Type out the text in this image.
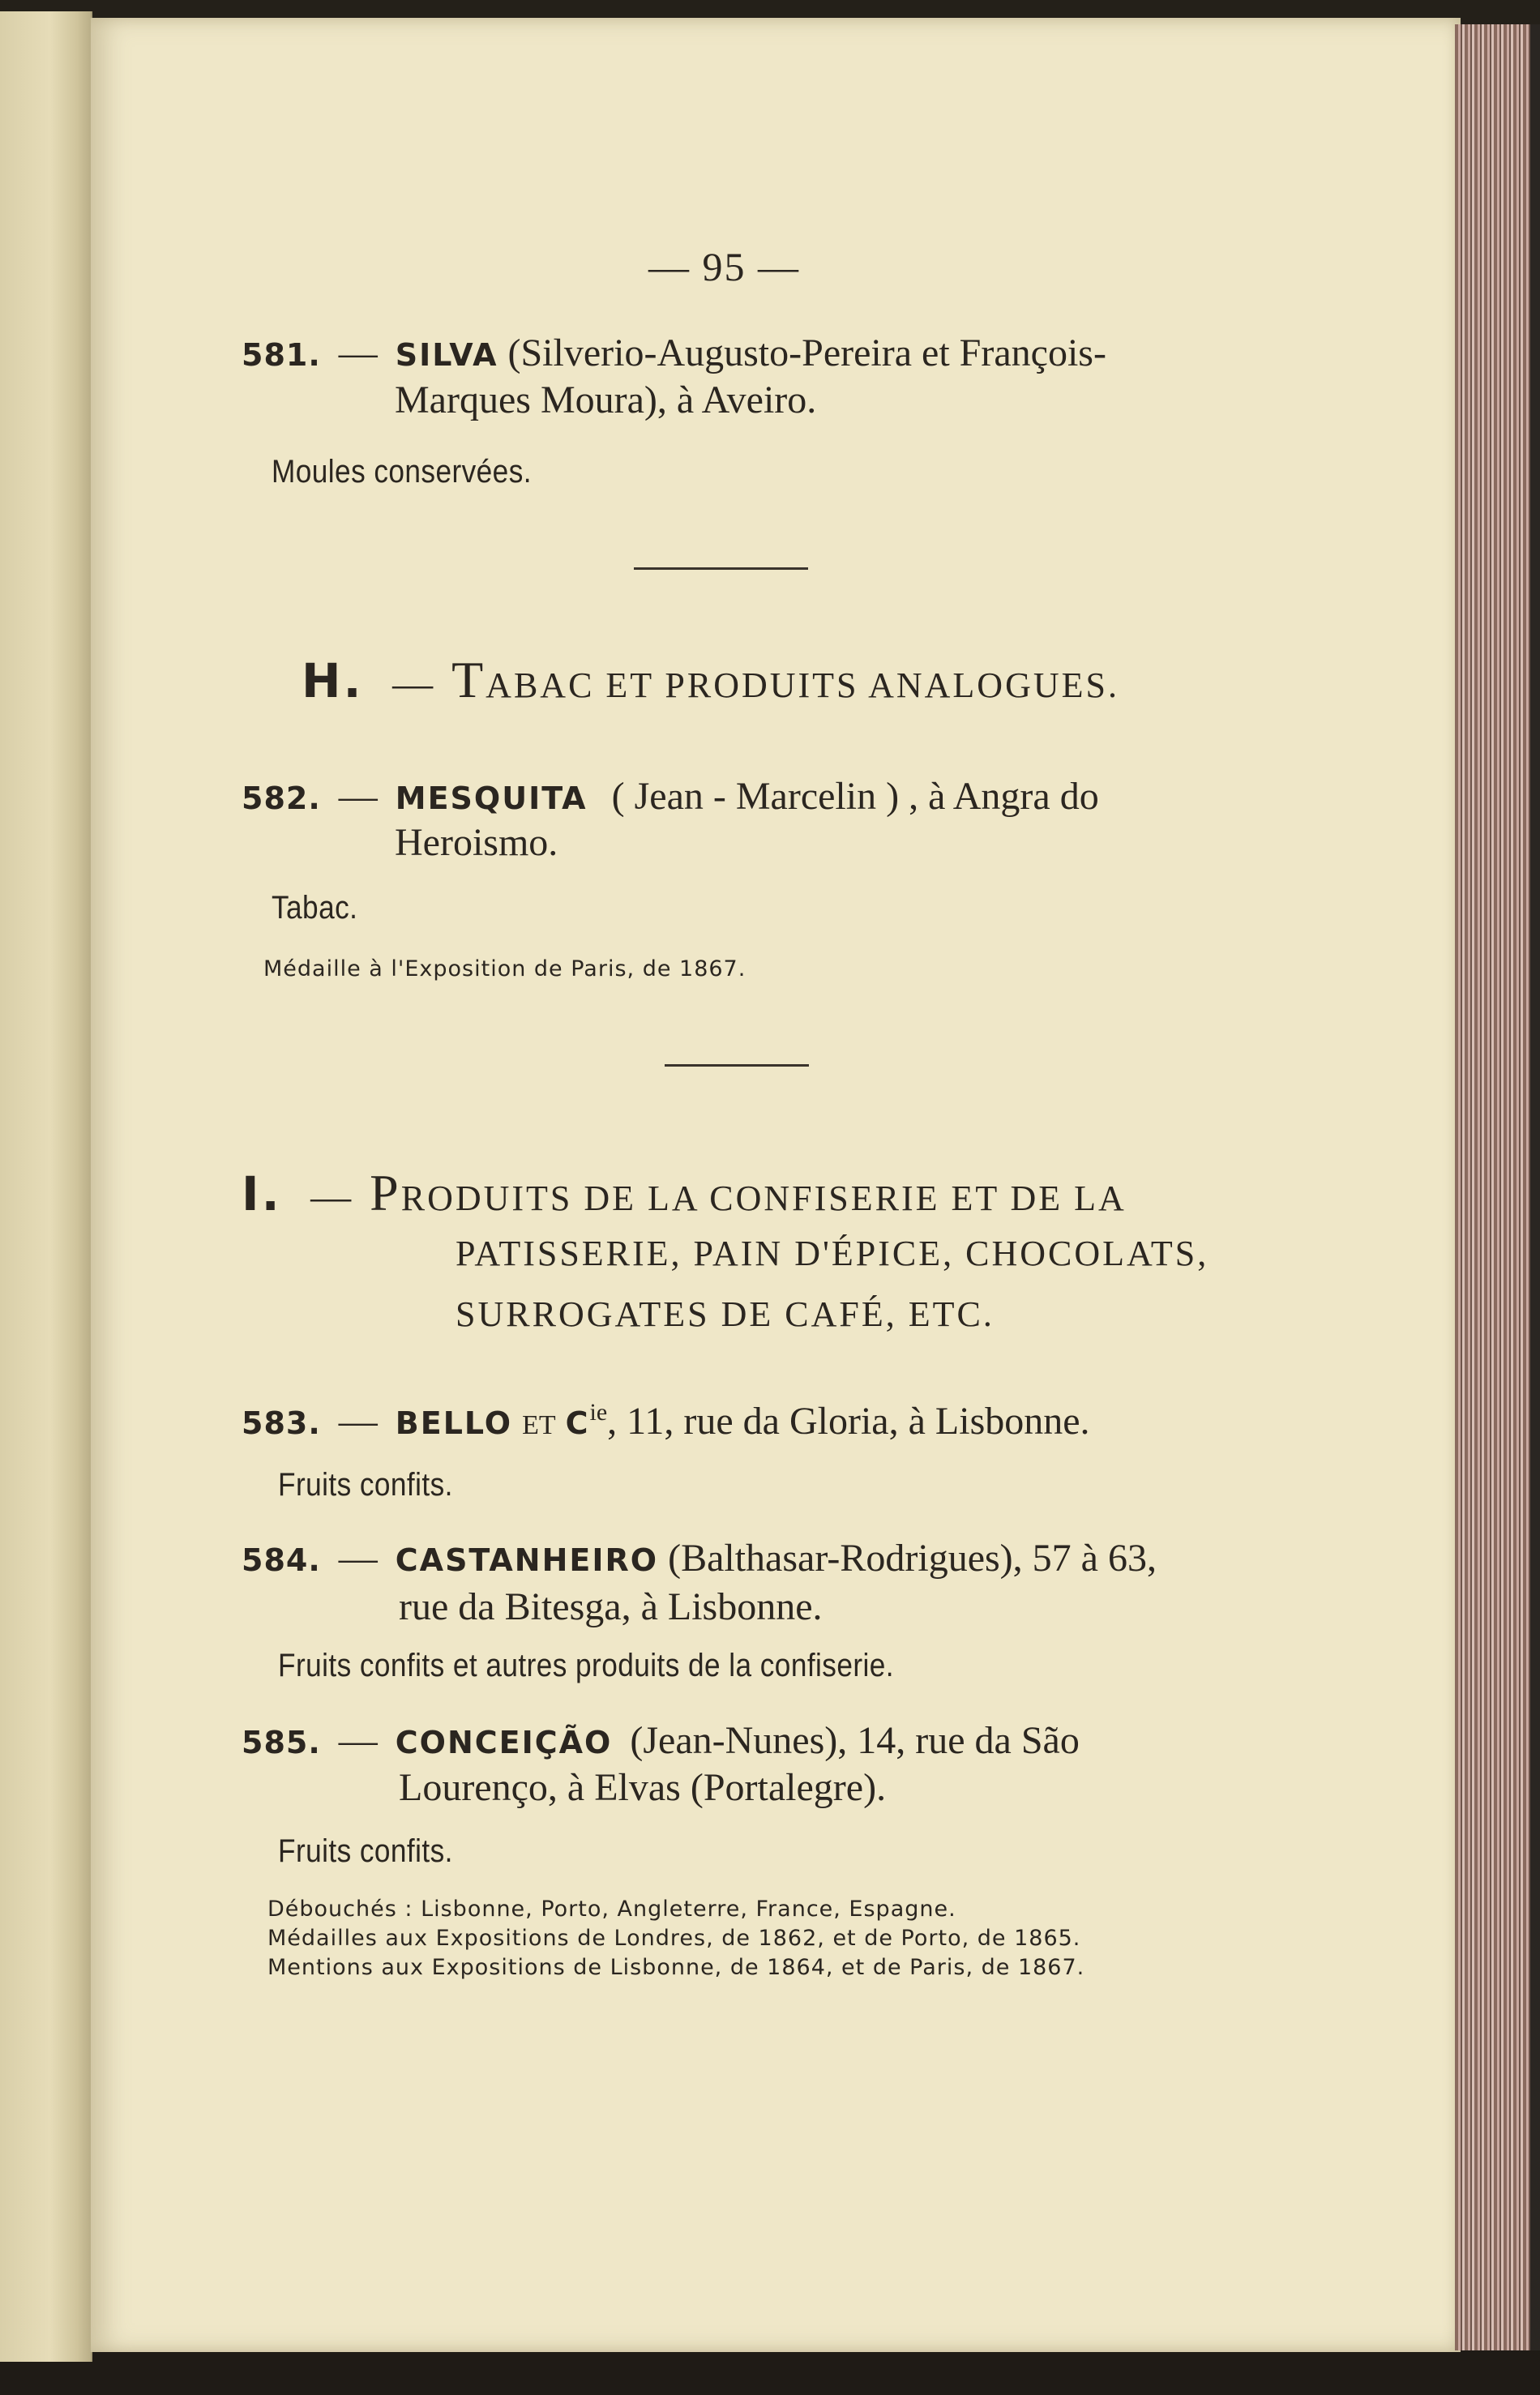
— 95 —
581. — SILVA (Silverio-Augusto-Pereira et François-
Marques Moura), à Aveiro.
Moules conservées.
H. — TABAC ET PRODUITS ANALOGUES.
582. — MESQUITA ( Jean - Marcelin ) , à Angra do
Heroismo.
Tabac.
Médaille à l'Exposition de Paris, de 1867.
I. — PRODUITS DE LA CONFISERIE ET DE LA
PATISSERIE, PAIN D'ÉPICE, CHOCOLATS,
SURROGATES DE CAFÉ, ETC.
583. — BELLO ET $C^{ie}$, 11, rue da Gloria, à Lisbonne.
Fruits confits.
584. — CASTANHEIRO (Balthasar-Rodrigues), 57 à 63,
rue da Bitesga, à Lisbonne.
Fruits confits et autres produits de la confiserie.
585. — CONCEIÇÃO (Jean-Nunes), 14, rue da São
Lourenço, à Elvas (Portalegre).
Fruits confits.
Débouchés : Lisbonne, Porto, Angleterre, France, Espagne.
Médailles aux Expositions de Londres, de 1862, et de Porto, de 1865.
Mentions aux Expositions de Lisbonne, de 1864, et de Paris, de 1867.
